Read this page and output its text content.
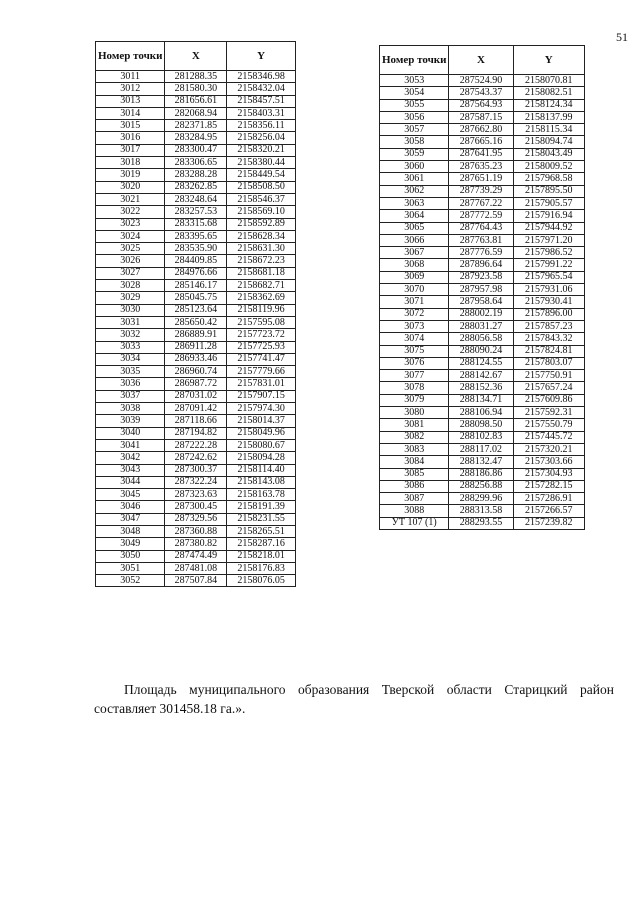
51
Номер точки	X	Y
3011	281288.35	2158346.98
3012	281580.30	2158432.04
3013	281656.61	2158457.51
3014	282068.94	2158403.31
3015	282371.85	2158356.11
3016	283284.95	2158256.04
3017	283300.47	2158320.21
3018	283306.65	2158380.44
3019	283288.28	2158449.54
3020	283262.85	2158508.50
3021	283248.64	2158546.37
3022	283257.53	2158569.10
3023	283315.68	2158592.89
3024	283395.65	2158628.34
3025	283535.90	2158631.30
3026	284409.85	2158672.23
3027	284976.66	2158681.18
3028	285146.17	2158682.71
3029	285045.75	2158362.69
3030	285123.64	2158119.96
3031	285650.42	2157595.08
3032	286889.91	2157723.72
3033	286911.28	2157725.93
3034	286933.46	2157741.47
3035	286960.74	2157779.66
3036	286987.72	2157831.01
3037	287031.02	2157907.15
3038	287091.42	2157974.30
3039	287118.66	2158014.37
3040	287194.82	2158049.96
3041	287222.28	2158080.67
3042	287242.62	2158094.28
3043	287300.37	2158114.40
3044	287322.24	2158143.08
3045	287323.63	2158163.78
3046	287300.45	2158191.39
3047	287329.56	2158231.55
3048	287360.88	2158265.51
3049	287380.82	2158287.16
3050	287474.49	2158218.01
3051	287481.08	2158176.83
3052	287507.84	2158076.05
Номер точки	X	Y
3053	287524.90	2158070.81
3054	287543.37	2158082.51
3055	287564.93	2158124.34
3056	287587.15	2158137.99
3057	287662.80	2158115.34
3058	287665.16	2158094.74
3059	287641.95	2158043.49
3060	287635.23	2158009.52
3061	287651.19	2157968.58
3062	287739.29	2157895.50
3063	287767.22	2157905.57
3064	287772.59	2157916.94
3065	287764.43	2157944.92
3066	287763.81	2157971.20
3067	287776.59	2157986.52
3068	287896.64	2157991.22
3069	287923.58	2157965.54
3070	287957.98	2157931.06
3071	287958.64	2157930.41
3072	288002.19	2157896.00
3073	288031.27	2157857.23
3074	288056.58	2157843.32
3075	288090.24	2157824.81
3076	288124.55	2157803.07
3077	288142.67	2157750.91
3078	288152.36	2157657.24
3079	288134.71	2157609.86
3080	288106.94	2157592.31
3081	288098.50	2157550.79
3082	288102.83	2157445.72
3083	288117.02	2157320.21
3084	288132.47	2157303.66
3085	288186.86	2157304.93
3086	288256.88	2157282.15
3087	288299.96	2157286.91
3088	288313.58	2157266.57
УТ 107 (1)	288293.55	2157239.82

Площадь муниципального образования Тверской области Старицкий район составляет 301458.18 га.».
